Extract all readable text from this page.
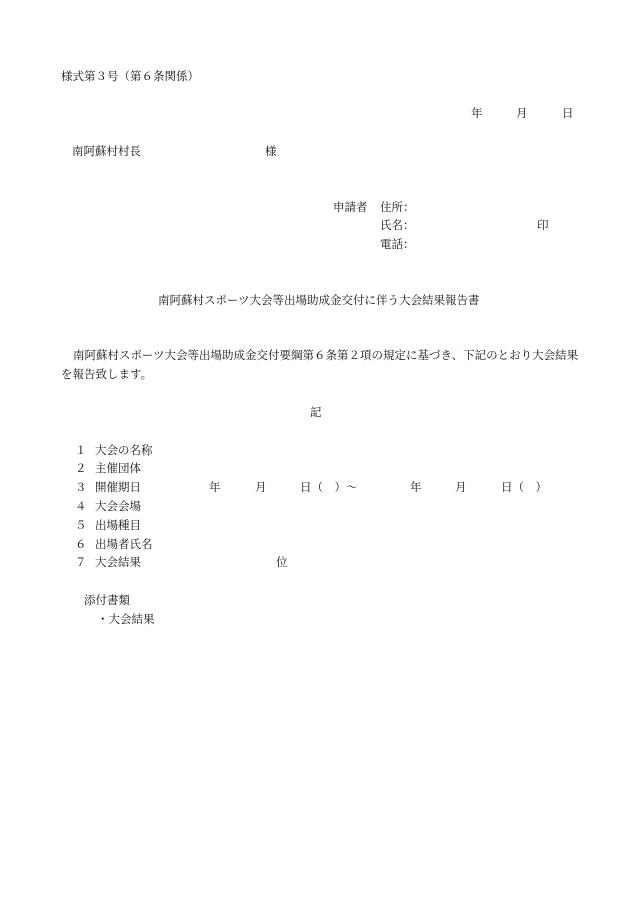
様式第３号（第６条関係）
年	月	日
南阿蘇村村長	様
申請者 住所：
氏名：	印
電話：
南阿蘇村スポーツ大会等出場助成金交付に伴う大会結果報告書
南阿蘇村スポーツ大会等出場助成金交付要綱第６条第２項の規定に基づき、下記のとおり大会結果
を報告致します。
記
１ 大会の名称
２ 主催団体
３ 開催期日	年	月	日（　）〜	年	月	日（　）
４ 大会会場
５ 出場種目
６ 出場者氏名
７ 大会結果	位
添付書類
・大会結果
